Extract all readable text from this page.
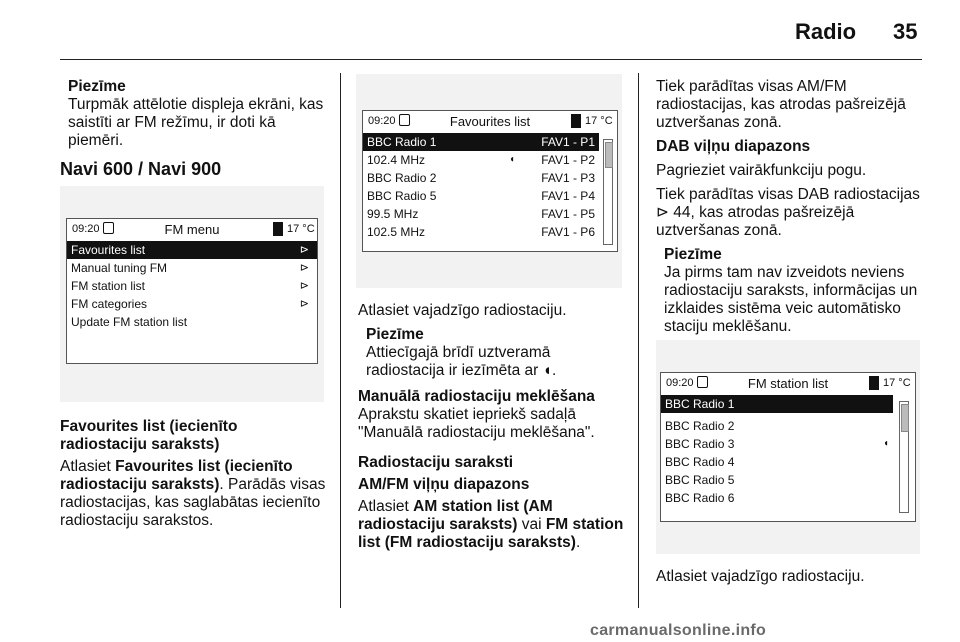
Radio 35
Piezīme
Turpmāk attēlotie displeja ekrāni, kas saistīti ar FM režīmu, ir doti kā piemēri.
Navi 600 / Navi 900
09:20	FM menu	17 °C
Favourites list	⊳
Manual tuning FM	⊳
FM station list	⊳
FM categories	⊳
Update FM station list
Favourites list (iecienīto radiostaciju saraksts)

Atlasiet Favourites list (iecienīto radiostaciju saraksts). Parādās visas radiostacijas, kas saglabātas iecienīto radiostaciju sarakstos.

09:20	Favourites list	17 °C
BBC Radio 1	FAV1 - P1
102.4 MHz	◖ FAV1 - P2
BBC Radio 2	FAV1 - P3
BBC Radio 5	FAV1 - P4
99.5 MHz	FAV1 - P5
102.5 MHz	FAV1 - P6

Atlasiet vajadzīgo radiostaciju.

Piezīme
Attiecīgajā brīdī uztveramā radiostacija ir iezīmēta ar ◖.
Manuālā radiostaciju meklēšana

Aprakstu skatiet iepriekš sadaļā "Manuālā radiostaciju meklēšana".

Radiostaciju saraksti
AM/FM viļņu diapazons

Atlasiet AM station list (AM radiostaciju saraksts) vai FM station list (FM radiostaciju saraksts).

Tiek parādītas visas AM/FM radiostacijas, kas atrodas pašreizējā uztveršanas zonā.

DAB viļņu diapazons

Pagrieziet vairākfunkciju pogu.

Tiek parādītas visas DAB radiostacijas ⊳ 44, kas atrodas pašreizējā uztveršanas zonā.

Piezīme
Ja pirms tam nav izveidots neviens radiostaciju saraksts, informācijas un izklaides sistēma veic automātisko staciju meklēšanu.
09:20	FM station list	17 °C
BBC Radio 1
BBC Radio 2
BBC Radio 3	◖
BBC Radio 4
BBC Radio 5
BBC Radio 6

Atlasiet vajadzīgo radiostaciju.

carmanualsonline.info
